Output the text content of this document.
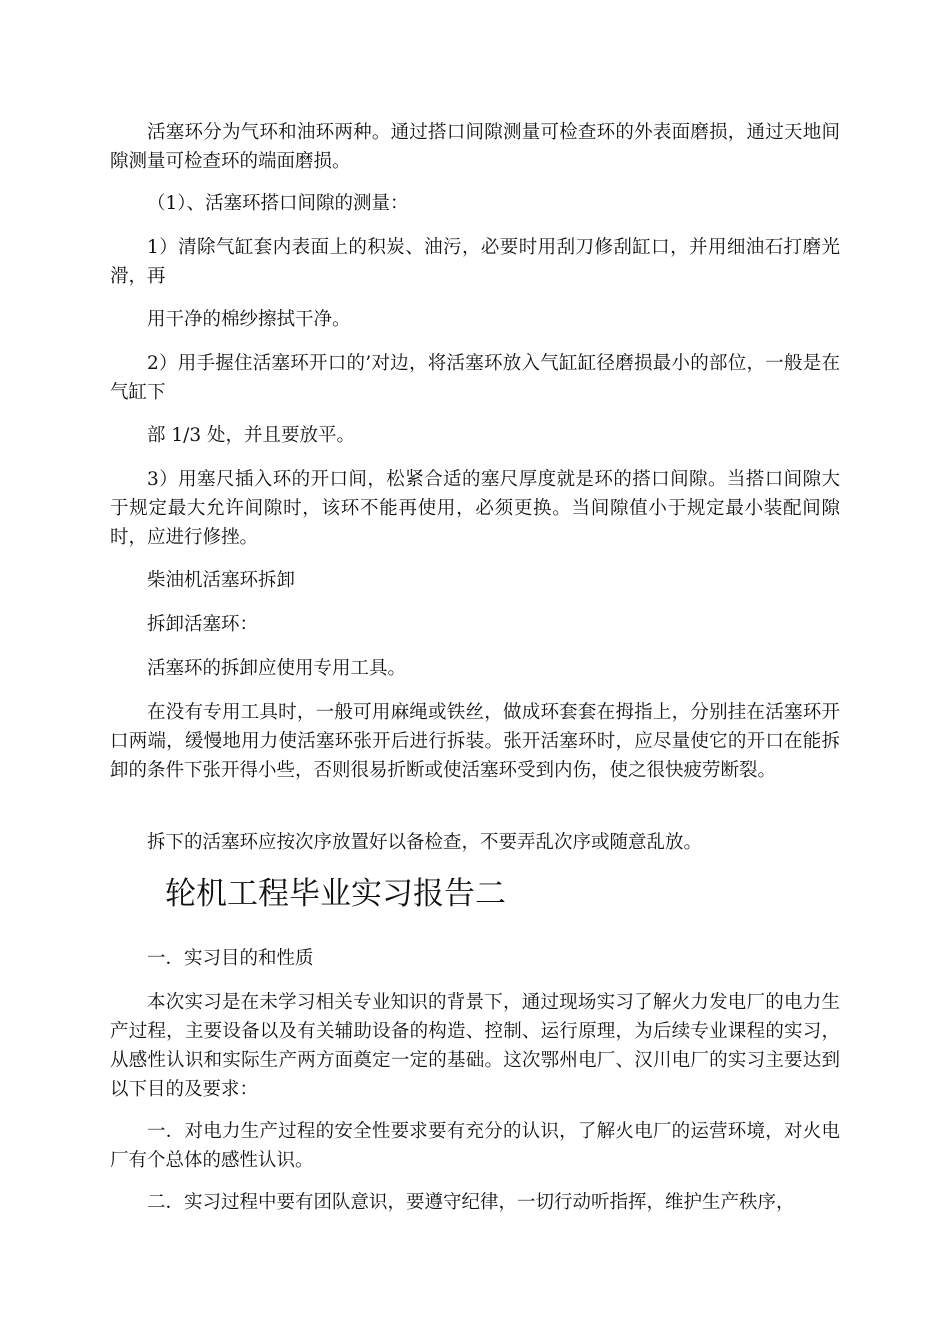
活塞环分为气环和油环两种。通过搭口间隙测量可检查环的外表面磨损，通过天地间隙测量可检查环的端面磨损。

（1）、活塞环搭口间隙的测量：

1）清除气缸套内表面上的积炭、油污，必要时用刮刀修刮缸口，并用细油石打磨光滑，再

用干净的棉纱擦拭干净。

2）用手握住活塞环开口的’对边，将活塞环放入气缸缸径磨损最小的部位，一般是在气缸下

部 1/3 处，并且要放平。

3）用塞尺插入环的开口间，松紧合适的塞尺厚度就是环的搭口间隙。当搭口间隙大于规定最大允许间隙时，该环不能再使用，必须更换。当间隙值小于规定最小装配间隙时，应进行修挫。

柴油机活塞环拆卸

拆卸活塞环：

活塞环的拆卸应使用专用工具。

在没有专用工具时，一般可用麻绳或铁丝，做成环套套在拇指上，分别挂在活塞环开口两端，缓慢地用力使活塞环张开后进行拆装。张开活塞环时，应尽量使它的开口在能拆卸的条件下张开得小些，否则很易折断或使活塞环受到内伤，使之很快疲劳断裂。

拆下的活塞环应按次序放置好以备检查，不要弄乱次序或随意乱放。

轮机工程毕业实习报告二

一．实习目的和性质

本次实习是在未学习相关专业知识的背景下，通过现场实习了解火力发电厂的电力生产过程，主要设备以及有关辅助设备的构造、控制、运行原理，为后续专业课程的实习，从感性认识和实际生产两方面奠定一定的基础。这次鄂州电厂、汉川电厂的实习主要达到以下目的及要求：

一．对电力生产过程的安全性要求要有充分的认识，了解火电厂的运营环境，对火电厂有个总体的感性认识。

二．实习过程中要有团队意识，要遵守纪律，一切行动听指挥，维护生产秩序，
